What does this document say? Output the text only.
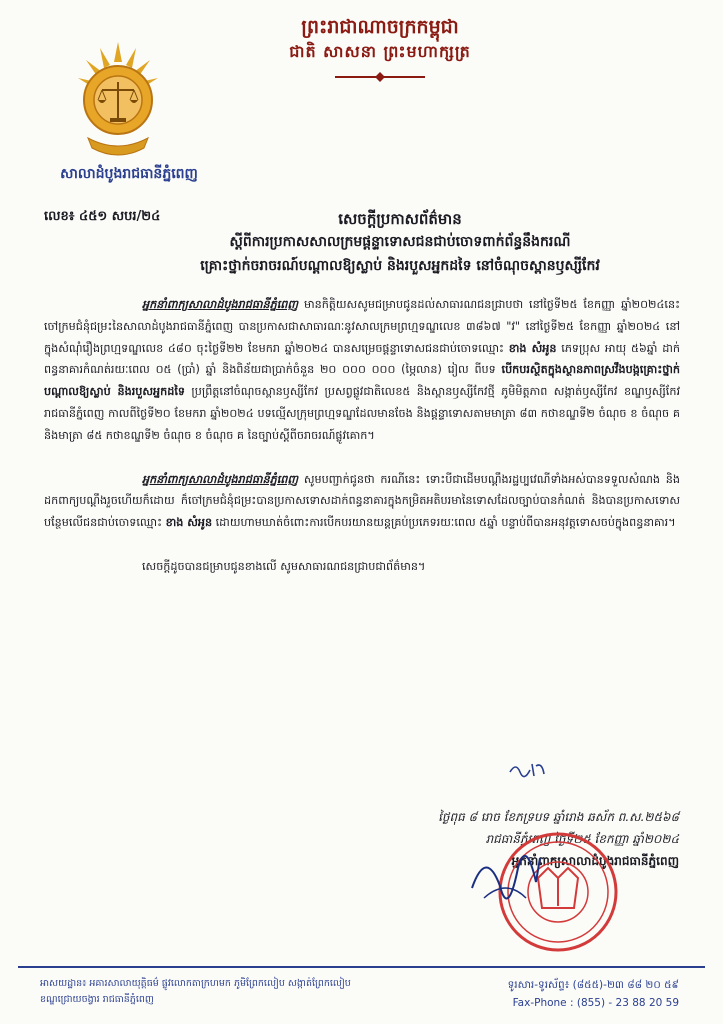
ព្រះរាជាណាចក្រកម្ពុជា
ជាតិ សាសនា ព្រះមហាក្សត្រ
សាលាដំបូងរាជធានីភ្នំពេញ
លេខ៖ ៤៥១ សបរ/២៤	សេចក្តីប្រកាសព័ត៌មាន
ស្តីពីការប្រកាសសាលក្រមផ្តន្ទាទោសជនជាប់ចោទពាក់ព័ន្ធនឹងករណី
គ្រោះថ្នាក់ចរាចរណ៍បណ្តាលឱ្យស្លាប់ និងរបួសអ្នកដទៃ នៅចំណុចស្ពានឫស្សីកែវ

អ្នកនាំពាក្យសាលាដំបូងរាជធានីភ្នំពេញ មានកិត្តិយសសូមជម្រាបជូនដល់សាធារណជនជ្រាបថា នៅថ្ងៃទី២៥ ខែកញ្ញា ឆ្នាំ២០២៤នេះ ចៅក្រមជំនុំជម្រះនៃសាលាដំបូងរាជធានីភ្នំពេញ បានប្រកាសជាសាធារណៈនូវសាលក្រមព្រហ្មទណ្ឌលេខ ៣៨៦៧ "វ" នៅថ្ងៃទី២៥ ខែកញ្ញា ឆ្នាំ២០២៤ នៅក្នុងសំណុំរឿងព្រហ្មទណ្ឌលេខ ៤៨០ ចុះថ្ងៃទី២២ ខែមករា ឆ្នាំ២០២៤ បានសម្រេចផ្តន្ទាទោសជនជាប់ចោទឈ្មោះ ខាង សំអូន ភេទប្រុស អាយុ ៥៦ឆ្នាំ ដាក់ពន្ធនាគារកំណត់រយៈពេល ០៥ (ប្រាំ) ឆ្នាំ និងពិន័យជាប្រាក់ចំនួន ២០ ០០០ ០០០ (ម្ភៃលាន) រៀល ពីបទ បើកបរស្ថិតក្នុងស្ថានភាពស្រវឹងបង្កគ្រោះថ្នាក់បណ្តាលឱ្យស្លាប់ និងរបួសអ្នកដទៃ ប្រព្រឹត្តនៅចំណុចស្ពានឫស្សីកែវ ប្រសព្វផ្លូវជាតិលេខ៥ និងស្ពានឫស្សីកែវថ្មី ភូមិមិត្តភាព សង្កាត់ឫស្សីកែវ ខណ្ឌឫស្សីកែវ រាជធានីភ្នំពេញ កាលពីថ្ងៃទី២០ ខែមករា ឆ្នាំ២០២៤ បទល្មើសក្រុមព្រហ្មទណ្ឌដែលមានចែង និងផ្តន្ទាទោសតាមមាត្រា ៨៣ កថាខណ្ឌទី២ ចំណុច ខ ចំណុច គ និងមាត្រា ៨៥ កថាខណ្ឌទី២ ចំណុច ខ ចំណុច គ នៃច្បាប់ស្តីពីចរាចរណ៍ផ្លូវគោក។

អ្នកនាំពាក្យសាលាដំបូងរាជធានីភ្នំពេញ សូមបញ្ជាក់ជូនថា ករណីនេះ ទោះបីជាដើមបណ្តឹងរដ្ឋប្បវេណីទាំងអស់បានទទួលសំណង និងដកពាក្យបណ្តឹងរួចហើយក៏ដោយ ក៏ចៅក្រមជំនុំជម្រះបានប្រកាសទោសដាក់ពន្ធនាគារក្នុងកម្រិតអតិបរមានៃទោសដែលច្បាប់បានកំណត់ និងបានប្រកាសទោសបន្ថែមលើជនជាប់ចោទឈ្មោះ ខាង សំអូន ដោយហាមឃាត់ចំពោះការបើកបរយានយន្តគ្រប់ប្រភេទរយៈពេល ៥ឆ្នាំ បន្ទាប់ពីបានអនុវត្តទោសចប់ក្នុងពន្ធនាគារ។

សេចក្តីដូចបានជម្រាបជូនខាងលើ សូមសាធារណជនជ្រាបជាព័ត៌មាន។

ថ្ងៃពុធ ៨ រោច ខែភទ្របទ ឆ្នាំរោង ឆស័ក ព.ស.២៥៦៨
រាជធានីភ្នំពេញ ថ្ងៃទី២៥ ខែកញ្ញា ឆ្នាំ២០២៤
អ្នកនាំពាក្យសាលាដំបូងរាជធានីភ្នំពេញ
អាសយដ្ឋាន៖ អគារសាលាយុត្តិធម៌ ផ្លូវលោកតាក្រហមក ភូមិព្រែកលៀប សង្កាត់ព្រែកលៀប
ខណ្ឌជ្រោយចង្វារ រាជធានីភ្នំពេញ
ទូរសារ-ទូរស័ព្ទ៖ (៨៥៥)-២៣ ៨៨ ២០ ៥៩
Fax-Phone : (855) - 23 88 20 59
